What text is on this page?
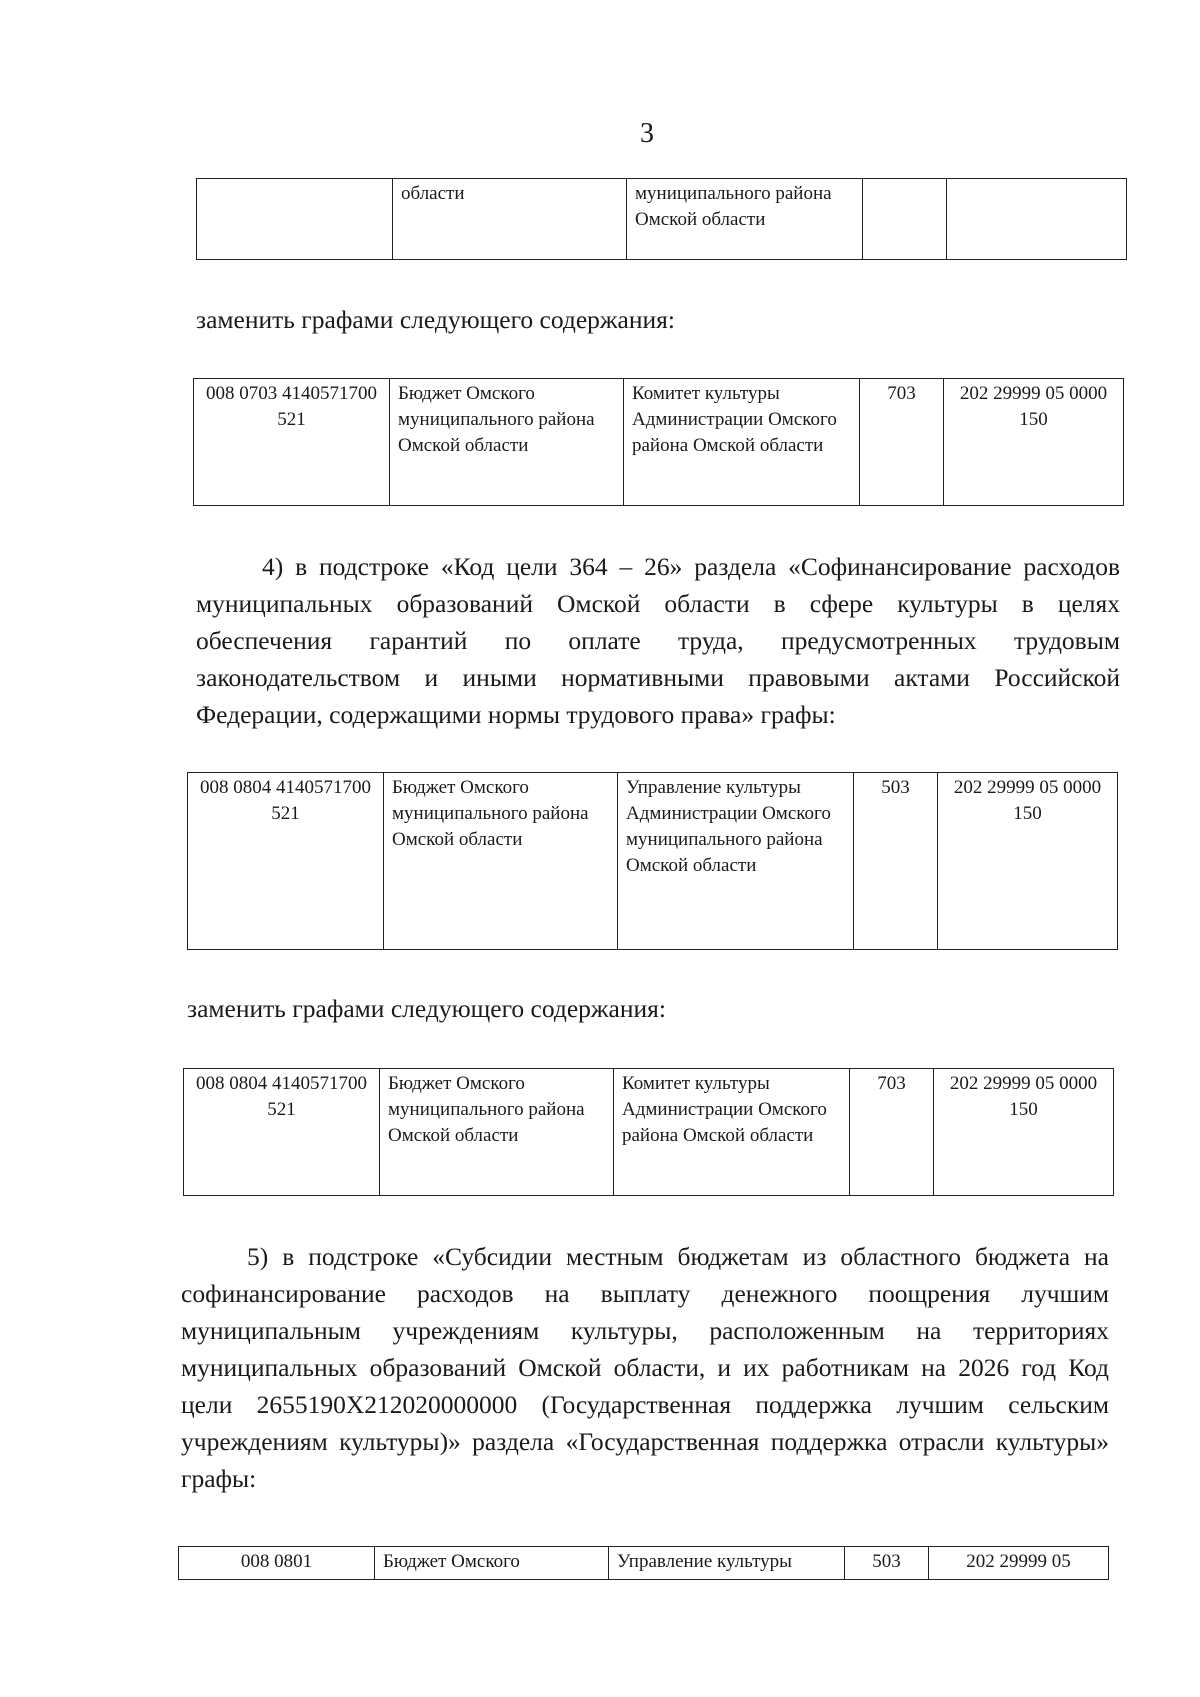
3
	области	муниципального района Омской области		
заменить графами следующего содержания:
008 0703 4140571700 521	Бюджет Омского муниципального района Омской области	Комитет культуры Администрации Омского района Омской области	703	202 29999 05 0000 150

4) в подстроке «Код цели 364 – 26» раздела «Софинансирование расходов муниципальных образований Омской области в сфере культуры в целях обеспечения гарантий по оплате труда, предусмотренных трудовым законодательством и иными нормативными правовыми актами Российской Федерации, содержащими нормы трудового права» графы:

008 0804 4140571700 521	Бюджет Омского муниципального района Омской области	Управление культуры Администрации Омского муниципального района Омской области	503	202 29999 05 0000 150
заменить графами следующего содержания:
008 0804 4140571700 521	Бюджет Омского муниципального района Омской области	Комитет культуры Администрации Омского района Омской области	703	202 29999 05 0000 150

5) в подстроке «Субсидии местным бюджетам из областного бюджета на софинансирование расходов на выплату денежного поощрения лучшим муниципальным учреждениям культуры, расположенным на территориях муниципальных образований Омской области, и их работникам на 2026 год Код цели 2655190X212020000000 (Государственная поддержка лучшим сельским учреждениям культуры)» раздела «Государственная поддержка отрасли культуры» графы:

008 0801	Бюджет Омского	Управление культуры	503	202 29999 05
